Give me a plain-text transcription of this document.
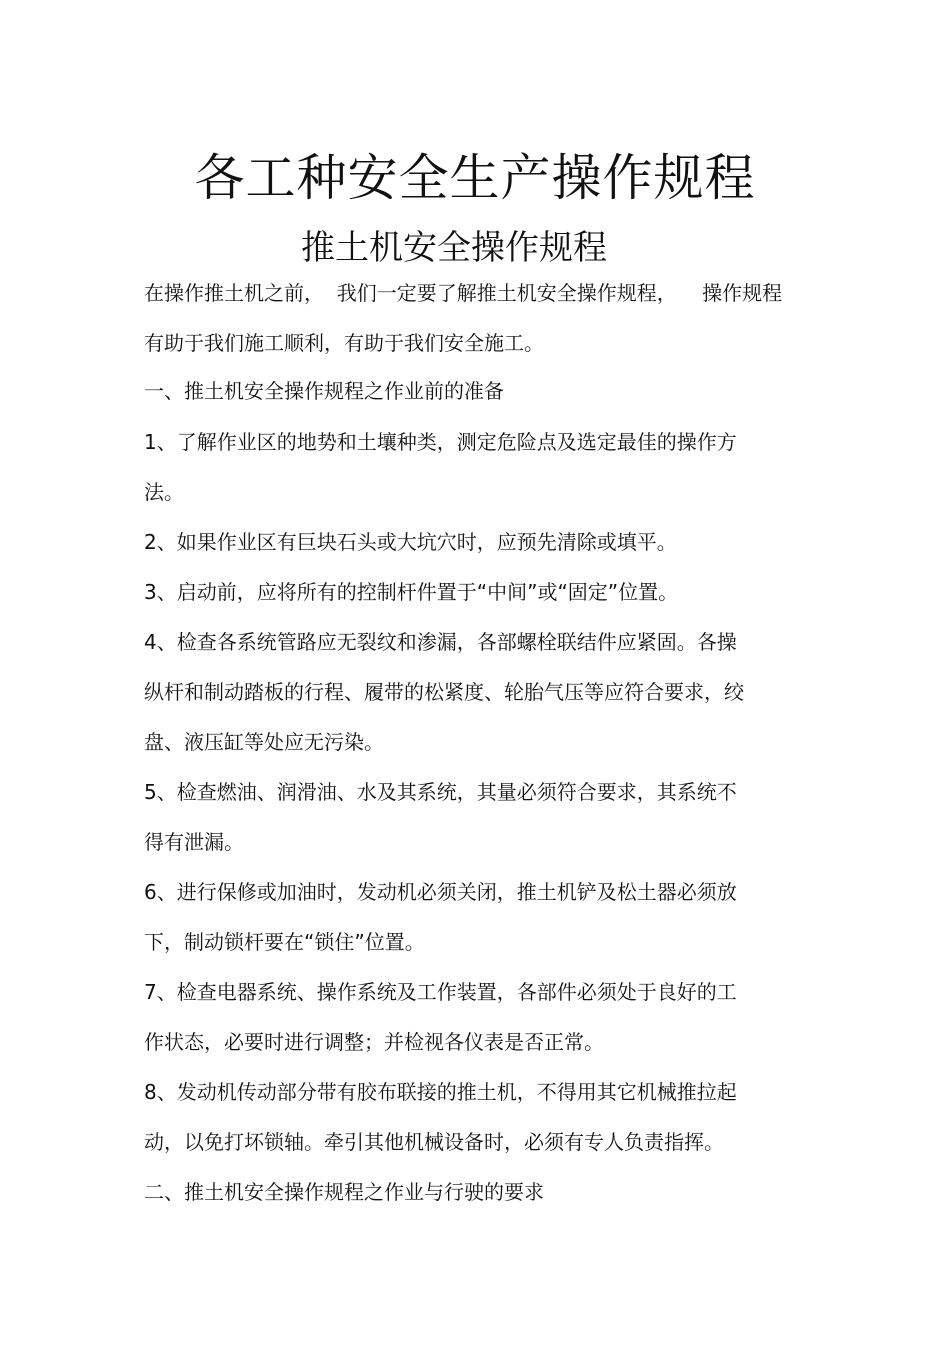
各工种安全生产操作规程
推土机安全操作规程
在操作推土机之前，  我们一定要了解推土机安全操作规程，    操作规程
有助于我们施工顺利，有助于我们安全施工。
一、推土机安全操作规程之作业前的准备
1、了解作业区的地势和土壤种类，测定危险点及选定最佳的操作方
法。
2、如果作业区有巨块石头或大坑穴时，应预先清除或填平。
3、启动前，应将所有的控制杆件置于“中间”或“固定”位置。
4、检查各系统管路应无裂纹和渗漏，各部螺栓联结件应紧固。各操
纵杆和制动踏板的行程、履带的松紧度、轮胎气压等应符合要求，绞
盘、液压缸等处应无污染。
5、检查燃油、润滑油、水及其系统，其量必须符合要求，其系统不
得有泄漏。
6、进行保修或加油时，发动机必须关闭，推土机铲及松土器必须放
下，制动锁杆要在“锁住”位置。
7、检查电器系统、操作系统及工作装置，各部件必须处于良好的工
作状态，必要时进行调整；并检视各仪表是否正常。
8、发动机传动部分带有胶布联接的推土机，不得用其它机械推拉起
动，以免打坏锁轴。牵引其他机械设备时，必须有专人负责指挥。
二、推土机安全操作规程之作业与行驶的要求
